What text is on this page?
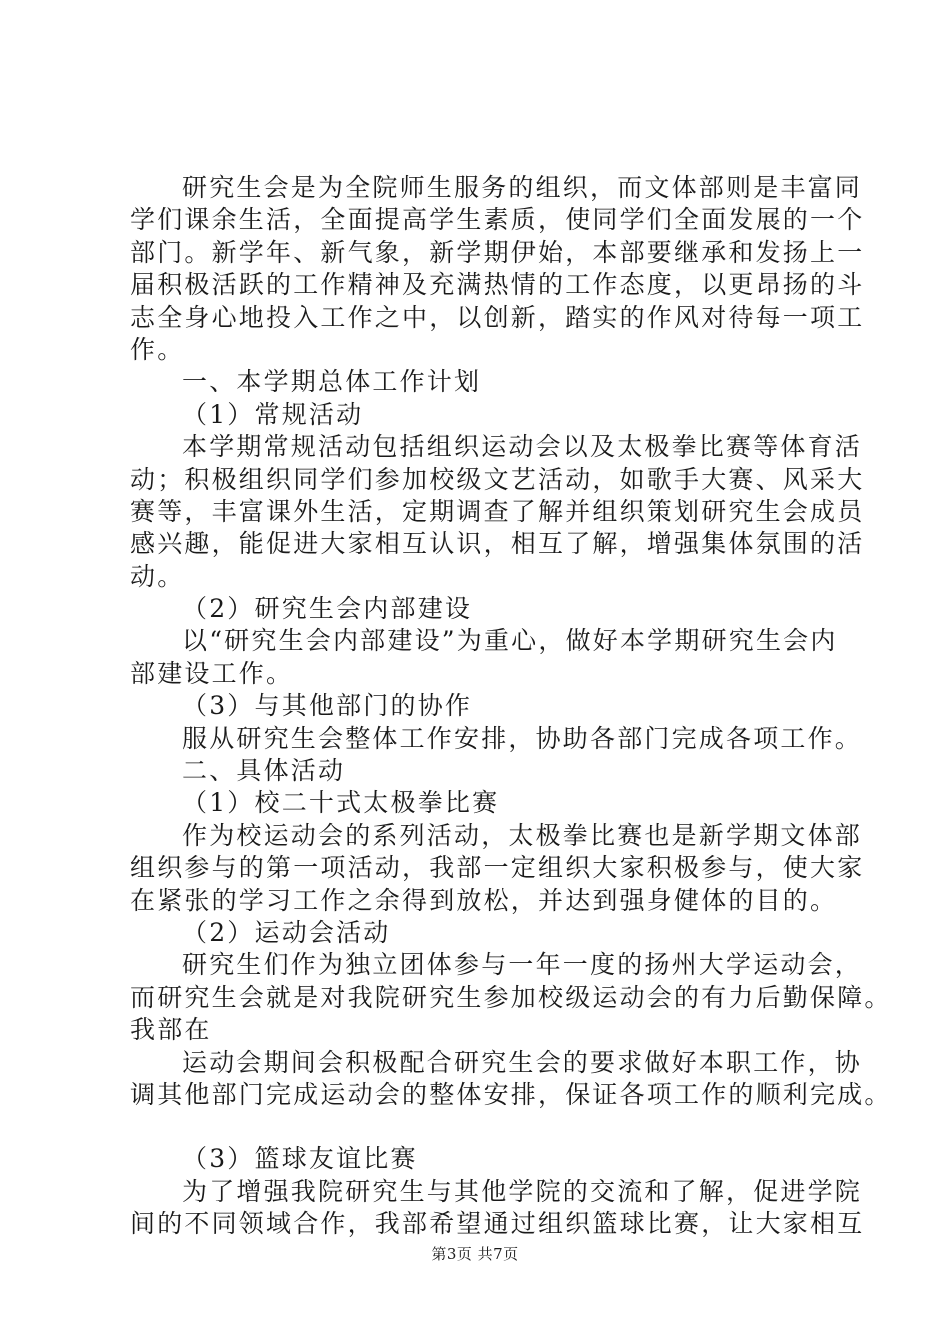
研究生会是为全院师生服务的组织，而文体部则是丰富同
学们课余生活，全面提高学生素质，使同学们全面发展的一个
部门。新学年、新气象，新学期伊始，本部要继承和发扬上一
届积极活跃的工作精神及充满热情的工作态度，以更昂扬的斗
志全身心地投入工作之中，以创新，踏实的作风对待每一项工
作。
一、本学期总体工作计划
（1）常规活动
本学期常规活动包括组织运动会以及太极拳比赛等体育活
动；积极组织同学们参加校级文艺活动，如歌手大赛、风采大
赛等，丰富课外生活，定期调查了解并组织策划研究生会成员
感兴趣，能促进大家相互认识，相互了解，增强集体氛围的活
动。
（2）研究生会内部建设
以“研究生会内部建设”为重心，做好本学期研究生会内
部建设工作。
（3）与其他部门的协作
服从研究生会整体工作安排，协助各部门完成各项工作。
二、具体活动
（1）校二十式太极拳比赛
作为校运动会的系列活动，太极拳比赛也是新学期文体部
组织参与的第一项活动，我部一定组织大家积极参与，使大家
在紧张的学习工作之余得到放松，并达到强身健体的目的。
（2）运动会活动
研究生们作为独立团体参与一年一度的扬州大学运动会，
而研究生会就是对我院研究生参加校级运动会的有力后勤保障。
我部在
运动会期间会积极配合研究生会的要求做好本职工作，协
调其他部门完成运动会的整体安排，保证各项工作的顺利完成。
（3）篮球友谊比赛
为了增强我院研究生与其他学院的交流和了解，促进学院
间的不同领域合作，我部希望通过组织篮球比赛，让大家相互
第3页 共7页
